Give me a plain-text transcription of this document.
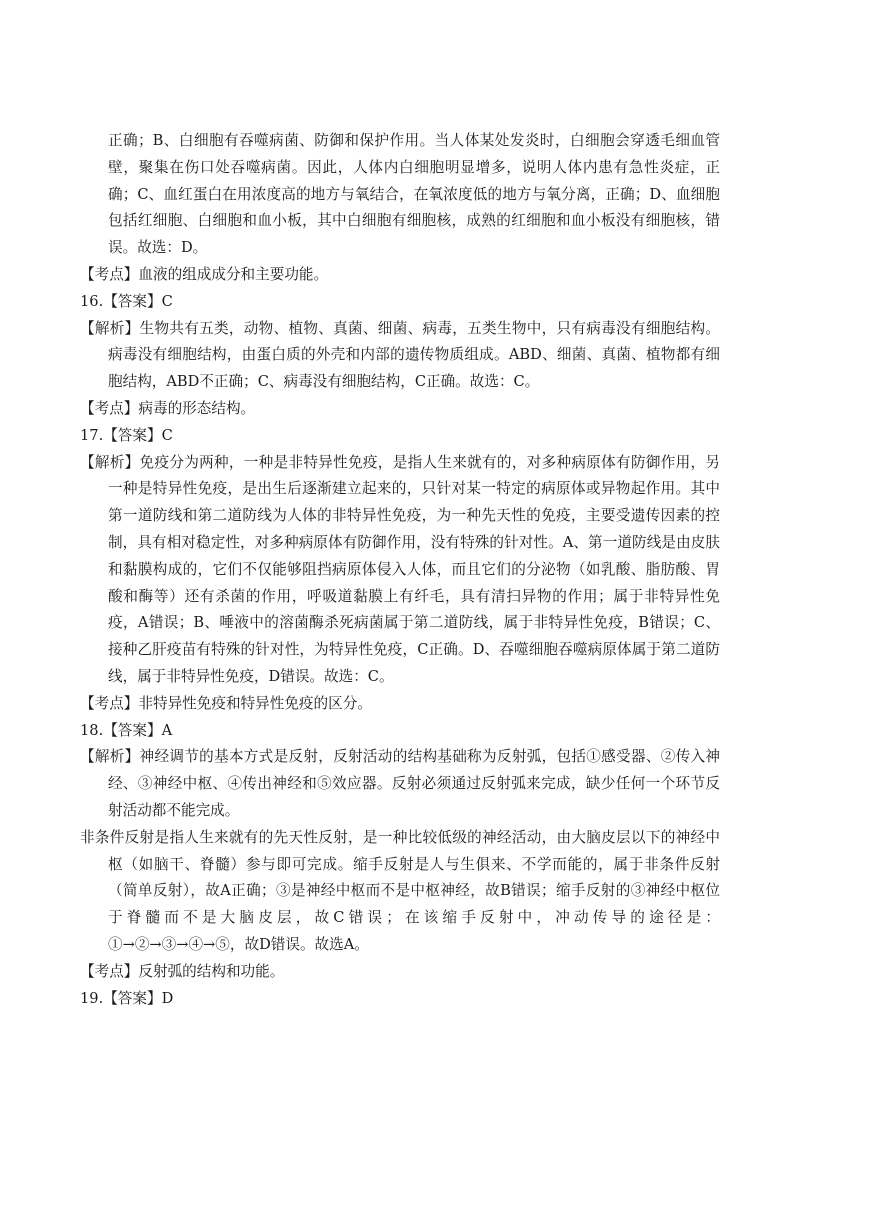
正确；B、白细胞有吞噬病菌、防御和保护作用。当人体某处发炎时，白细胞会穿透毛细血管壁，聚集在伤口处吞噬病菌。因此，人体内白细胞明显增多，说明人体内患有急性炎症，正确；C、血红蛋白在用浓度高的地方与氧结合，在氧浓度低的地方与氧分离，正确；D、血细胞包括红细胞、白细胞和血小板，其中白细胞有细胞核，成熟的红细胞和血小板没有细胞核，错误。故选：D。

【考点】血液的组成成分和主要功能。

16.【答案】C

【解析】生物共有五类，动物、植物、真菌、细菌、病毒，五类生物中，只有病毒没有细胞结构。病毒没有细胞结构，由蛋白质的外壳和内部的遗传物质组成。ABD、细菌、真菌、植物都有细胞结构，ABD不正确；C、病毒没有细胞结构，C正确。故选：C。

【考点】病毒的形态结构。

17.【答案】C

【解析】免疫分为两种，一种是非特异性免疫，是指人生来就有的，对多种病原体有防御作用，另一种是特异性免疫，是出生后逐渐建立起来的，只针对某一特定的病原体或异物起作用。其中第一道防线和第二道防线为人体的非特异性免疫，为一种先天性的免疫，主要受遗传因素的控制，具有相对稳定性，对多种病原体有防御作用，没有特殊的针对性。A、第一道防线是由皮肤和黏膜构成的，它们不仅能够阻挡病原体侵入人体，而且它们的分泌物（如乳酸、脂肪酸、胃酸和酶等）还有杀菌的作用，呼吸道黏膜上有纤毛，具有清扫异物的作用；属于非特异性免疫，A错误；B、唾液中的溶菌酶杀死病菌属于第二道防线，属于非特异性免疫，B错误；C、接种乙肝疫苗有特殊的针对性，为特异性免疫，C正确。D、吞噬细胞吞噬病原体属于第二道防线，属于非特异性免疫，D错误。故选：C。

【考点】非特异性免疫和特异性免疫的区分。

18.【答案】A

【解析】神经调节的基本方式是反射，反射活动的结构基础称为反射弧，包括①感受器、②传入神经、③神经中枢、④传出神经和⑤效应器。反射必须通过反射弧来完成，缺少任何一个环节反射活动都不能完成。

非条件反射是指人生来就有的先天性反射，是一种比较低级的神经活动，由大脑皮层以下的神经中枢（如脑干、脊髓）参与即可完成。缩手反射是人与生俱来、不学而能的，属于非条件反射（简单反射），故A正确；③是神经中枢而不是中枢神经，故B错误；缩手反射的③神经中枢位于脊髓而不是大脑皮层，故C错误；在该缩手反射中，冲动传导的途径是：①→②→③→④→⑤，故D错误。故选A。

【考点】反射弧的结构和功能。

19.【答案】D
